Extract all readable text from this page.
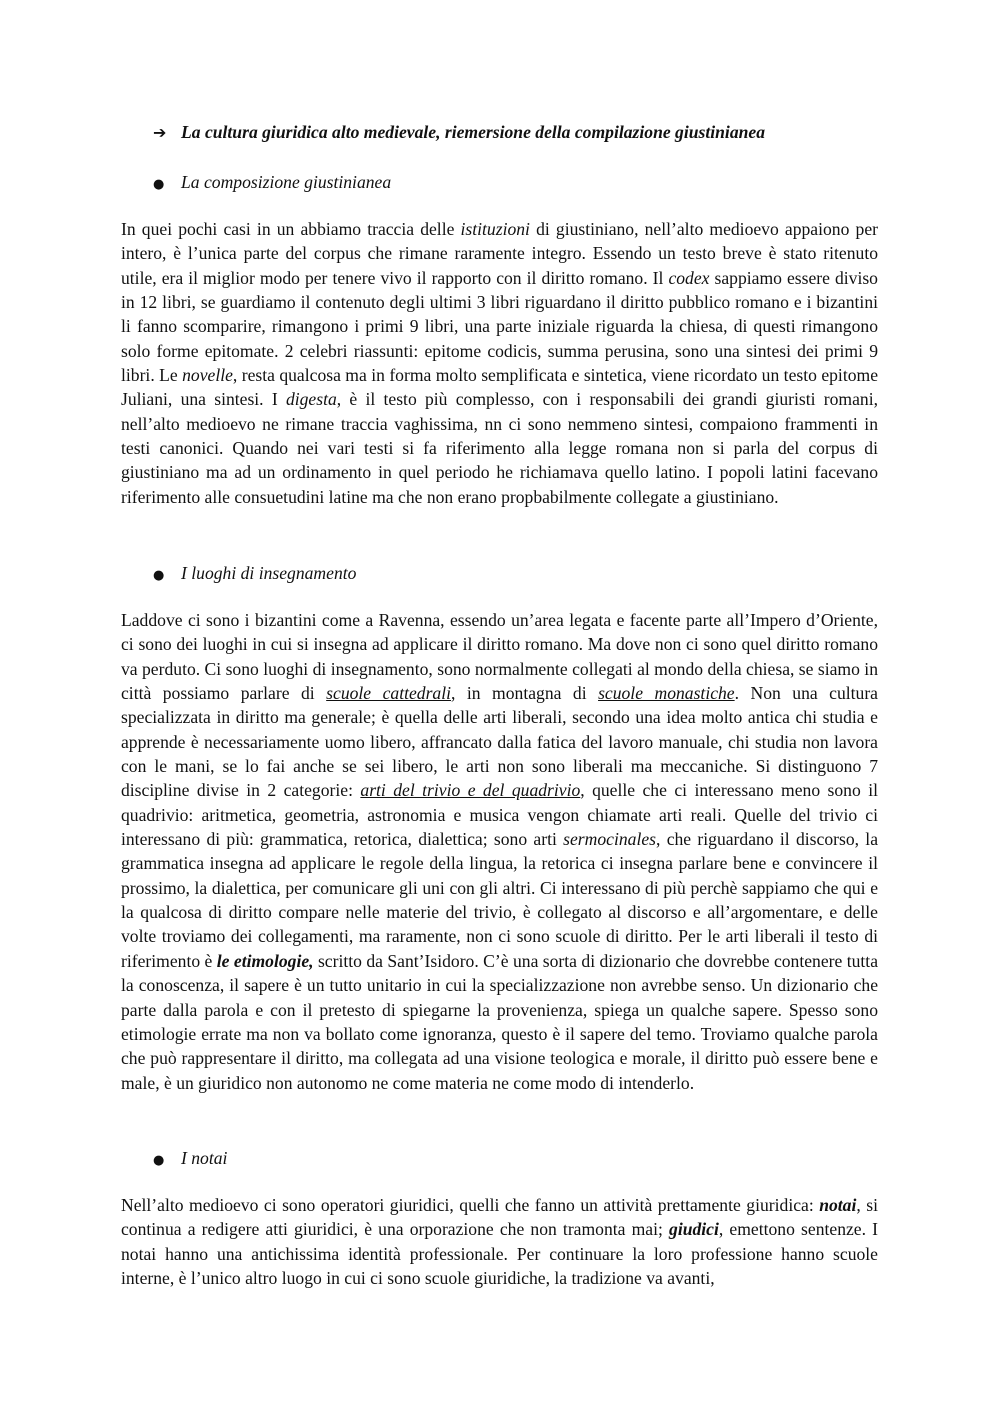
➔ La cultura giuridica alto medievale, riemersione della compilazione giustinianea
● La composizione giustinianea

In quei pochi casi in un abbiamo traccia delle istituzioni di giustiniano, nell’alto medioevo appaiono per intero, è l’unica parte del corpus che rimane raramente integro. Essendo un testo breve è stato ritenuto utile, era il miglior modo per tenere vivo il rapporto con il diritto romano. Il codex sappiamo essere diviso in 12 libri, se guardiamo il contenuto degli ultimi 3 libri riguardano il diritto pubblico romano e i bizantini li fanno scomparire, rimangono i primi 9 libri, una parte iniziale riguarda la chiesa, di questi rimangono solo forme epitomate. 2 celebri riassunti: epitome codicis, summa perusina, sono una sintesi dei primi 9 libri. Le novelle, resta qualcosa ma in forma molto semplificata e sintetica, viene ricordato un testo epitome Juliani, una sintesi. I digesta, è il testo più complesso, con i responsabili dei grandi giuristi romani, nell’alto medioevo ne rimane traccia vaghissima, nn ci sono nemmeno sintesi, compaiono frammenti in testi canonici. Quando nei vari testi si fa riferimento alla legge romana non si parla del corpus di giustiniano ma ad un ordinamento in quel periodo he richiamava quello latino. I popoli latini facevano riferimento alle consuetudini latine ma che non erano propbabilmente collegate a giustiniano.

● I luoghi di insegnamento

Laddove ci sono i bizantini come a Ravenna, essendo un’area legata e facente parte all’Impero d’Oriente, ci sono dei luoghi in cui si insegna ad applicare il diritto romano. Ma dove non ci sono quel diritto romano va perduto. Ci sono luoghi di insegnamento, sono normalmente collegati al mondo della chiesa, se siamo in città possiamo parlare di scuole cattedrali, in montagna di scuole monastiche. Non una cultura specializzata in diritto ma generale; è quella delle arti liberali, secondo una idea molto antica chi studia e apprende è necessariamente uomo libero, affrancato dalla fatica del lavoro manuale, chi studia non lavora con le mani, se lo fai anche se sei libero, le arti non sono liberali ma meccaniche. Si distinguono 7 discipline divise in 2 categorie: arti del trivio e del quadrivio, quelle che ci interessano meno sono il quadrivio: aritmetica, geometria, astronomia e musica vengon chiamate arti reali. Quelle del trivio ci interessano di più: grammatica, retorica, dialettica; sono arti sermocinales, che riguardano il discorso, la grammatica insegna ad applicare le regole della lingua, la retorica ci insegna parlare bene e convincere il prossimo, la dialettica, per comunicare gli uni con gli altri. Ci interessano di più perchè sappiamo che qui e la qualcosa di diritto compare nelle materie del trivio, è collegato al discorso e all’argomentare, e delle volte troviamo dei collegamenti, ma raramente, non ci sono scuole di diritto. Per le arti liberali il testo di riferimento è le etimologie, scritto da Sant’Isidoro. C’è una sorta di dizionario che dovrebbe contenere tutta la conoscenza, il sapere è un tutto unitario in cui la specializzazione non avrebbe senso. Un dizionario che parte dalla parola e con il pretesto di spiegarne la provenienza, spiega un qualche sapere. Spesso sono etimologie errate ma non va bollato come ignoranza, questo è il sapere del temo. Troviamo qualche parola che può rappresentare il diritto, ma collegata ad una visione teologica e morale, il diritto può essere bene e male, è un giuridico non autonomo ne come materia ne come modo di intenderlo.

● I notai

Nell’alto medioevo ci sono operatori giuridici, quelli che fanno un attività prettamente giuridica: notai, si continua a redigere atti giuridici, è una orporazione che non tramonta mai; giudici, emettono sentenze. I notai hanno una antichissima identità professionale. Per continuare la loro professione hanno scuole interne, è l’unico altro luogo in cui ci sono scuole giuridiche, la tradizione va avanti,
